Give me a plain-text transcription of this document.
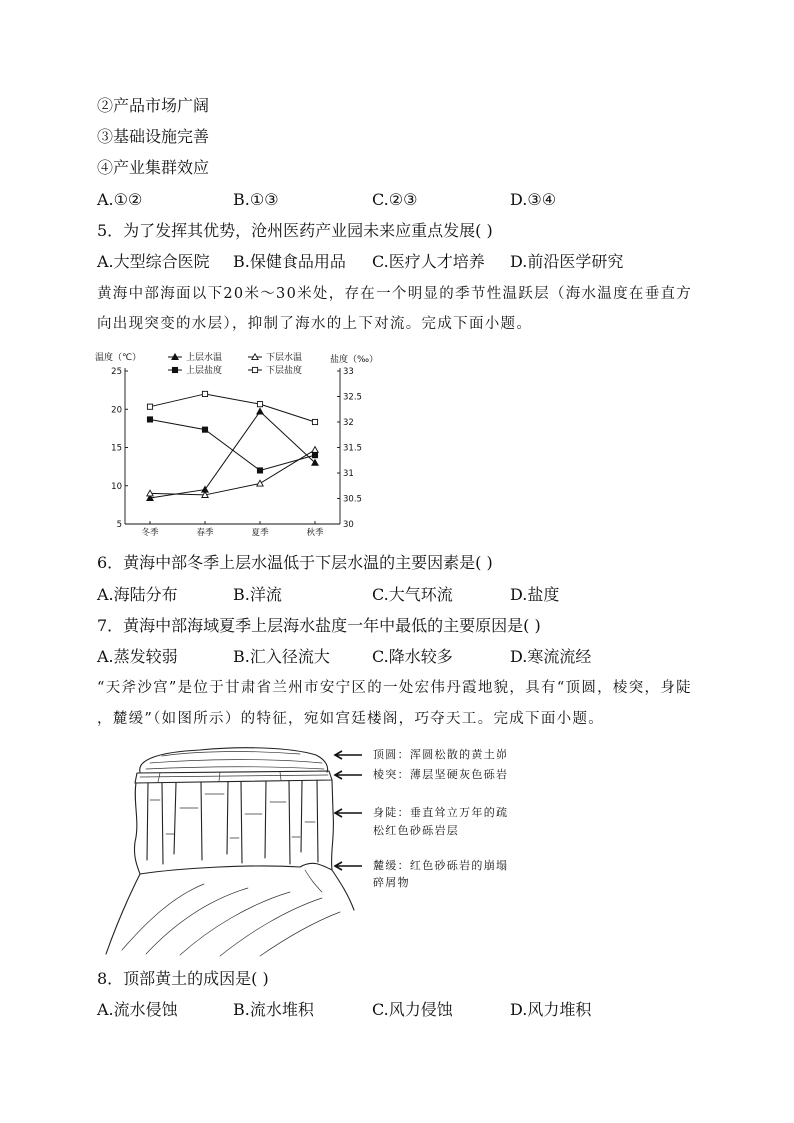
②产品市场广阔
③基础设施完善
④产业集群效应
A.①②	B.①③	C.②③	D.③④
5．为了发挥其优势，沧州医药产业园未来应重点发展( )
A.大型综合医院 B.保健食品用品 C.医疗人才培养 D.前沿医学研究
黄海中部海面以下20米～30米处，存在一个明显的季节性温跃层（海水温度在垂直方
向出现突变的水层），抑制了海水的上下对流。完成下面小题。
温度（℃）	盐度（‰）
25
20
15
10
5
33
32.5
32
31.5
31
30.5
30
冬季	春季	夏季	秋季
上层水温	下层水温
上层盐度	下层盐度
6．黄海中部冬季上层水温低于下层水温的主要因素是( )
A.海陆分布	B.洋流	C.大气环流	D.盐度
7．黄海中部海域夏季上层海水盐度一年中最低的主要原因是( )
A.蒸发较弱	B.汇入径流大	C.降水较多	D.寒流流经
“天斧沙宫”是位于甘肃省兰州市安宁区的一处宏伟丹霞地貌，具有“顶圆，棱突，身陡
，麓缓”（如图所示）的特征，宛如宫廷楼阁，巧夺天工。完成下面小题。
顶圆：浑圆松散的黄土峁
棱突：薄层坚硬灰色砾岩
身陡：垂直耸立万年的疏
松红色砂砾岩层
麓缓：红色砂砾岩的崩塌
碎屑物
8．顶部黄土的成因是( )
A.流水侵蚀	B.流水堆积	C.风力侵蚀	D.风力堆积
